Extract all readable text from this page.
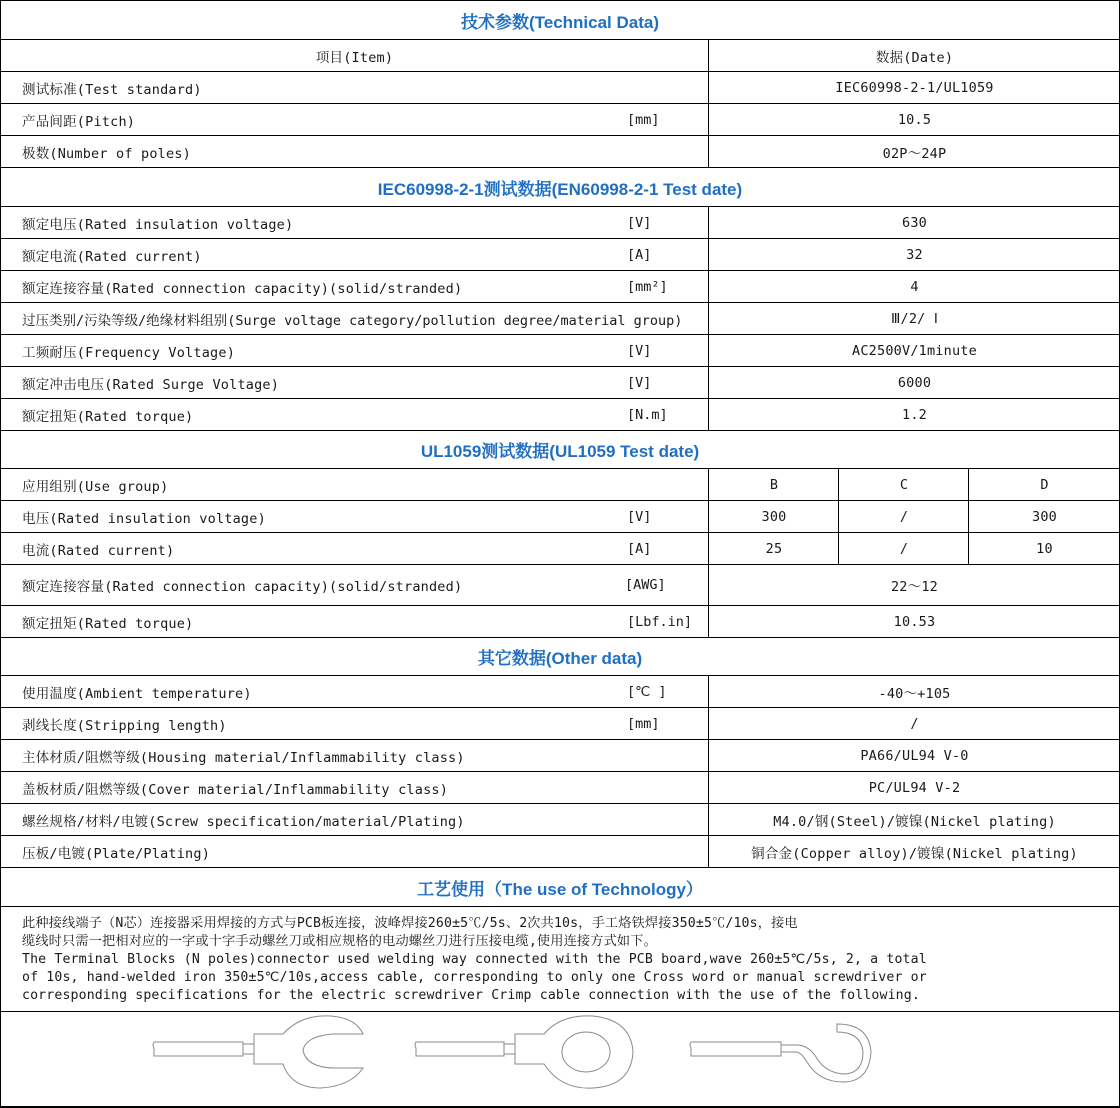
技术参数(Technical Data)
项目(Item)	数据(Date)
测试标准(Test standard)	IEC60998-2-1/UL1059
产品间距(Pitch)	[mm]	10.5
极数(Number of poles)	02P～24P
IEC60998-2-1测试数据(EN60998-2-1 Test date)
额定电压(Rated insulation voltage)	[V]	630
额定电流(Rated current)	[A]	32
额定连接容量(Rated connection capacity)(solid/stranded)	[mm²]	4
过压类别/污染等级/绝缘材料组别(Surge voltage category/pollution degree/material group)	Ⅲ/2/ Ⅰ
工频耐压(Frequency Voltage)	[V]	AC2500V/1minute
额定冲击电压(Rated Surge Voltage)	[V]	6000
额定扭矩(Rated torque)	[N.m]	1.2
UL1059测试数据(UL1059 Test date)
应用组别(Use group)	B	C	D
电压(Rated insulation voltage)	[V]	300	/	300
电流(Rated current)	[A]	25	/	10
额定连接容量(Rated connection capacity)(solid/stranded)	[AWG]	22～12
额定扭矩(Rated torque)	[Lbf.in]	10.53
其它数据(Other data)
使用温度(Ambient temperature)	[℃ ]	-40～+105
剥线长度(Stripping length)	[mm]	/
主体材质/阻燃等级(Housing material/Inflammability class)	PA66/UL94 V-0
盖板材质/阻燃等级(Cover material/Inflammability class)	PC/UL94 V-2
螺丝规格/材料/电镀(Screw specification/material/Plating)	M4.0/钢(Steel)/镀镍(Nickel plating)
压板/电镀(Plate/Plating)	铜合金(Copper alloy)/镀镍(Nickel plating)
工艺使用（The use of Technology）
此种接线端子（N芯）连接器采用焊接的方式与PCB板连接，波峰焊接260±5℃/5s、2次共10s，手工烙铁焊接350±5℃/10s，接电
缆线时只需一把相对应的一字或十字手动螺丝刀或相应规格的电动螺丝刀进行压接电缆,使用连接方式如下。
The Terminal Blocks (N poles)connector used welding way connected with the PCB board,wave 260±5℃/5s, 2, a total
of 10s, hand-welded iron 350±5℃/10s,access cable, corresponding to only one Cross word or manual screwdriver or
corresponding specifications for the electric screwdriver Crimp cable connection with the use of the following.
